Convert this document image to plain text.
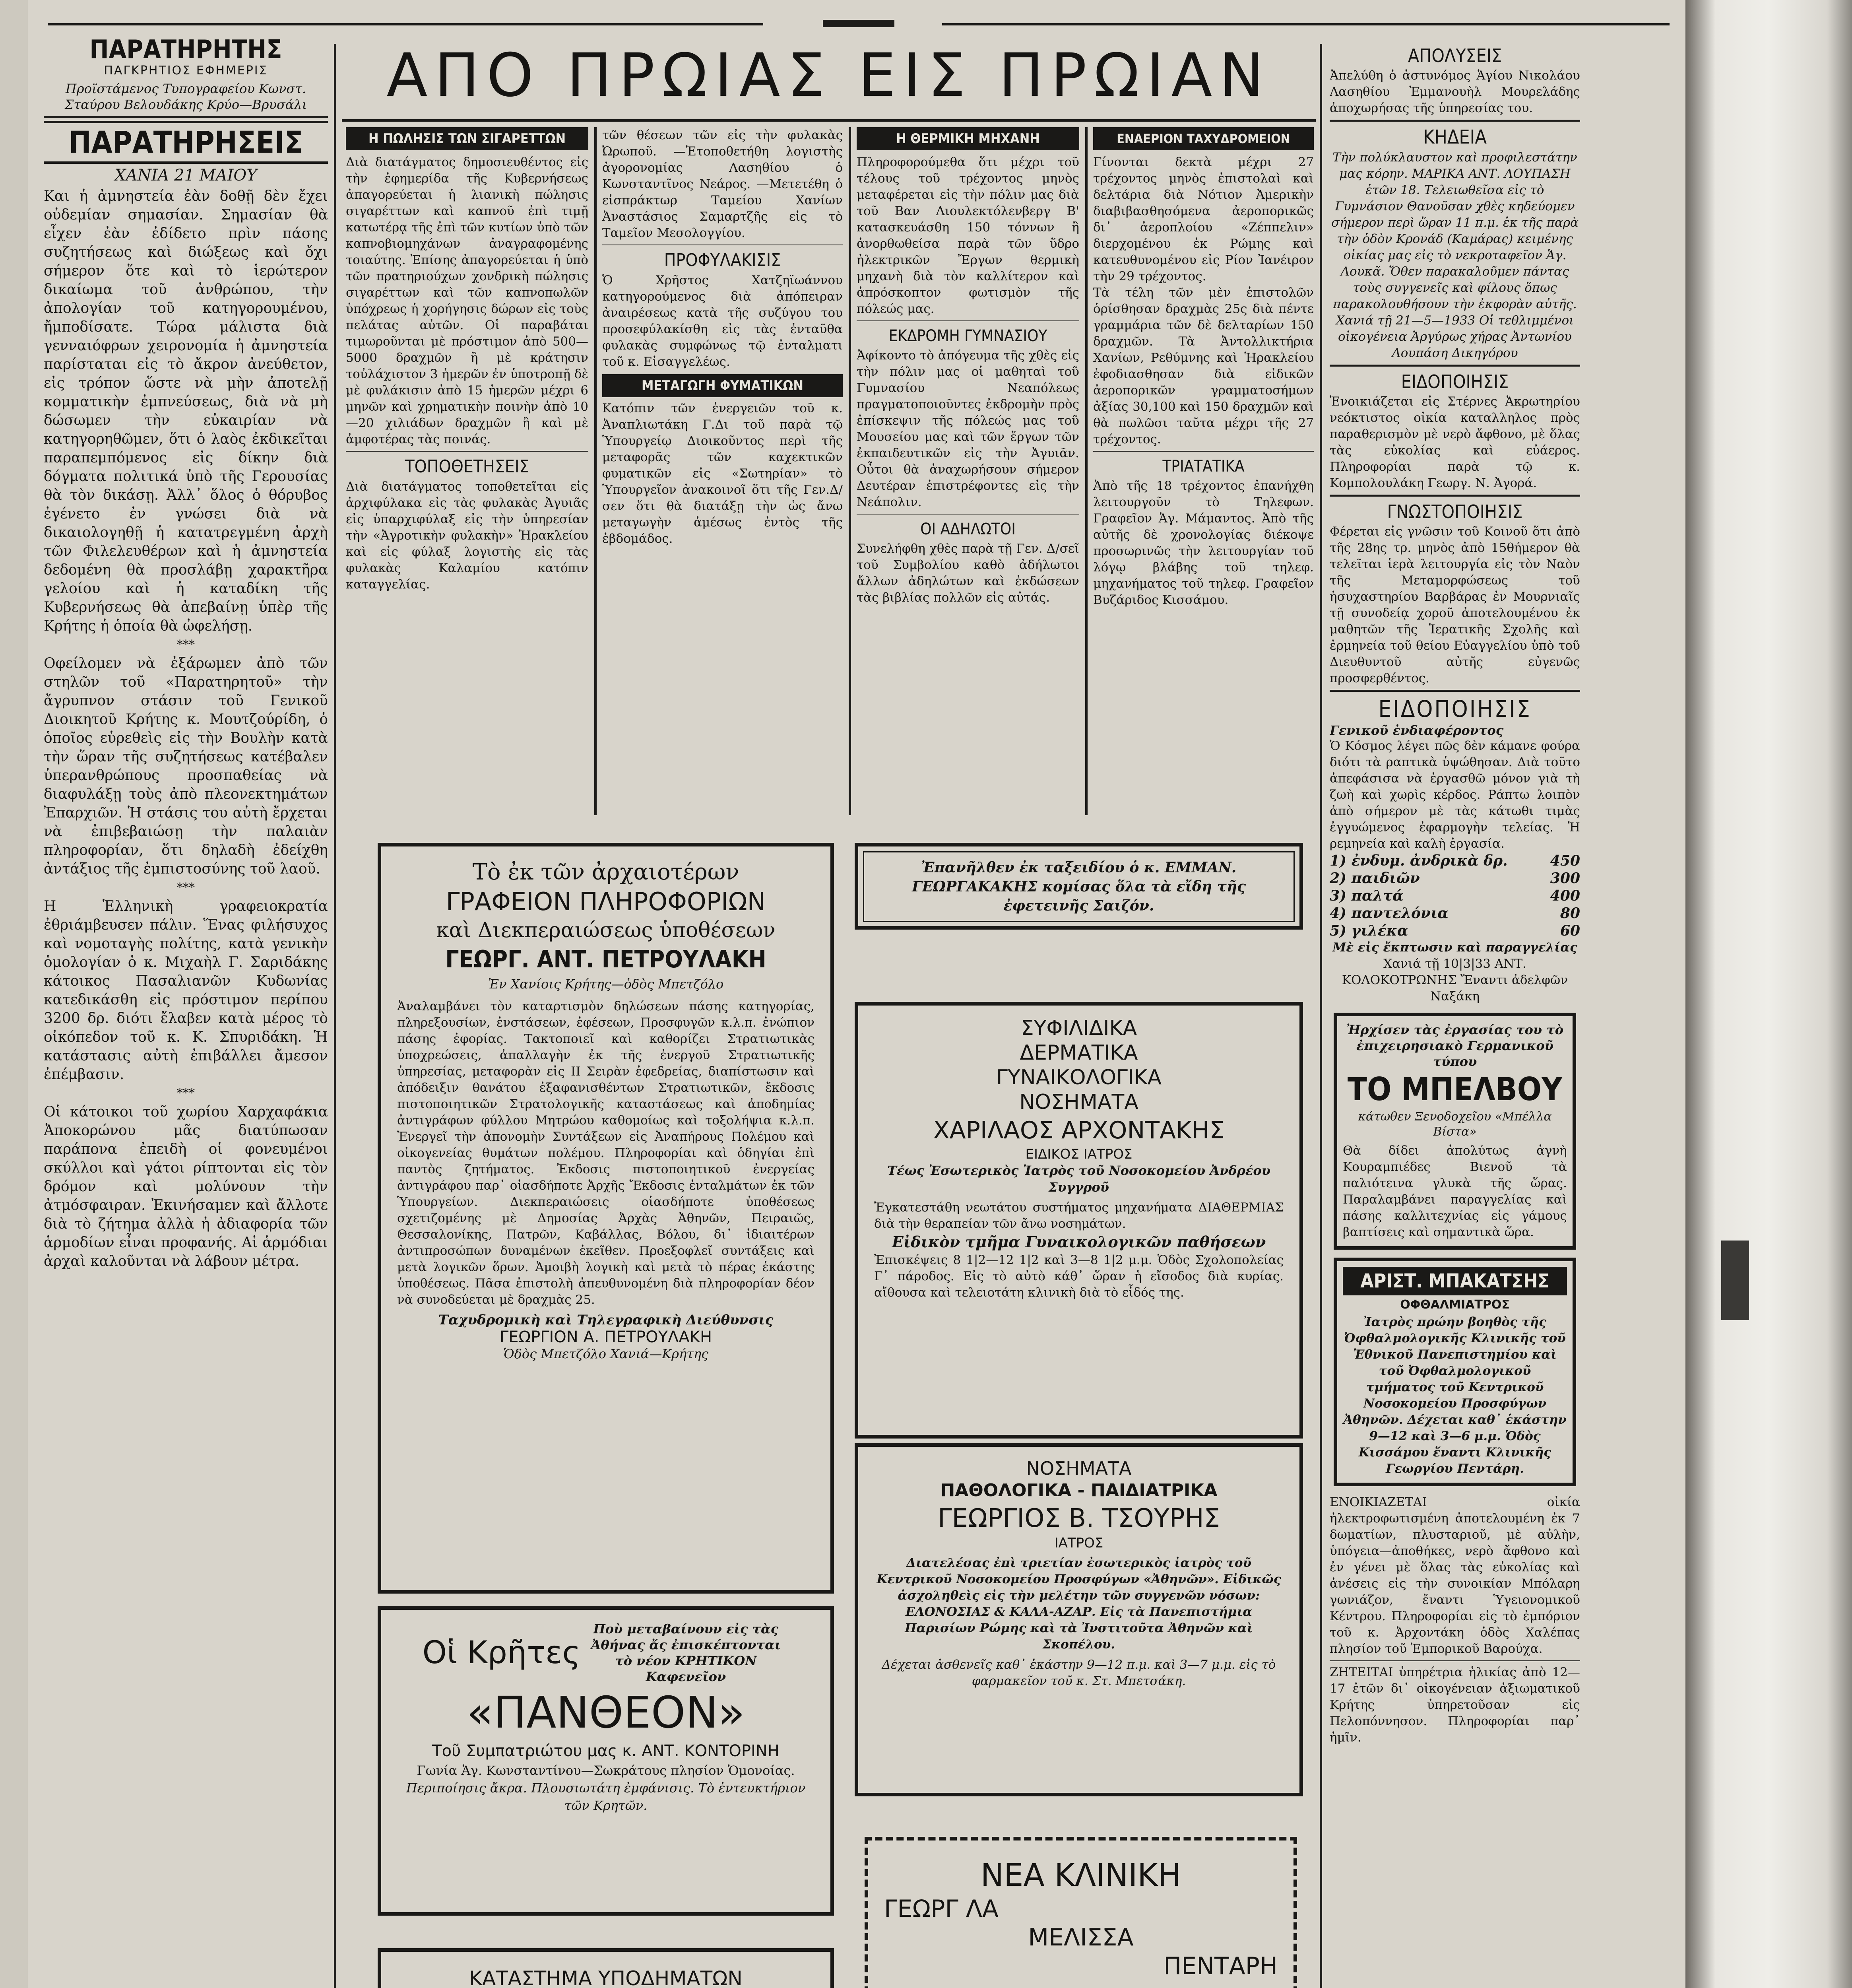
ΠΑΡΑΤΗΡΗΤΗΣ
ΠΑΓΚΡΗΤΙΟΣ ΕΦΗΜΕΡΙΣ
Προϊστάμενος Τυπογραφείου Κωνστ. Σταύρου Βελουδάκης Κρύο—Βρυσάλι
ΠΑΡΑΤΗΡΗΣΕΙΣ
ΧΑΝΙΑ 21 ΜΑΙΟΥ
Και ἡ ἀμνηστεία ἐὰν δοθῇ δὲν ἔχει οὐδεμίαν σημασίαν. Σημασίαν θὰ εἶχεν ἐὰν ἐδίδετο πρὶν πάσης συζητήσεως καὶ διώξεως καὶ ὄχι σήμερον ὅτε καὶ τὸ ἱερώτερον δικαίωμα τοῦ ἀνθρώπου, τὴν ἀπολογίαν τοῦ κατηγορουμένου, ἤμποδίσατε. Τώρα μάλιστα διὰ γενναιόφρων χειρονομία ἡ ἀμνηστεία παρίσταται εἰς τὸ ἄκρον ἀνεύθετον, εἰς τρόπον ὥστε νὰ μὴν ἀποτελῇ κομματικὴν ἐμπνεύσεως, διὰ νὰ μὴ δώσωμεν τὴν εὐκαιρίαν νὰ κατηγορηθῶμεν, ὅτι ὁ λαὸς ἐκδικεῖται παραπεμπόμενος εἰς δίκην διὰ δόγματα πολιτικά ὑπὸ τῆς Γερουσίας θὰ τὸν δικάσῃ. Ἀλλ᾽ ὅλος ὁ θόρυβος ἐγένετο ἐν γνώσει διὰ νὰ δικαιολογηθῇ ἡ κατατρεγμένη ἀρχὴ τῶν Φιλελευθέρων καὶ ἡ ἀμνηστεία δεδομένη θὰ προσλάβῃ χαρακτῆρα γελοίου καὶ ἡ καταδίκη τῆς Κυβερνήσεως θὰ ἀπεβαίνῃ ὑπὲρ τῆς Κρήτης ἡ ὁποία θὰ ὠφελήσῃ.
***
Οφείλομεν νὰ ἐξάρωμεν ἀπὸ τῶν στηλῶν τοῦ «Παρατηρητοῦ» τὴν ἄγρυπνον στάσιν τοῦ Γενικοῦ Διοικητοῦ Κρήτης κ. Μουτζούρίδη, ὁ ὁποῖος εὑρεθεὶς εἰς τὴν Βουλὴν κατὰ τὴν ὥραν τῆς συζητήσεως κατέβαλεν ὑπερανθρώπους προσπαθείας νὰ διαφυλάξῃ τοὺς ἀπὸ πλεονεκτημάτων Ἐπαρχιῶν. Ἡ στάσις του αὐτὴ ἔρχεται νὰ ἐπιβεβαιώσῃ τὴν παλαιὰν πληροφορίαν, ὅτι δηλαδὴ ἐδείχθη ἀντάξιος τῆς ἐμπιστοσύνης τοῦ λαοῦ.
***
Η Ἑλληνικὴ γραφειοκρατία ἐθριάμβευσεν πάλιν. Ἕνας φιλήσυχος καὶ νομοταγὴς πολίτης, κατὰ γενικὴν ὁμολογίαν ὁ κ. Μιχαὴλ Γ. Σαριδάκης κάτοικος Πασαλιανῶν Κυδωνίας κατεδικάσθη εἰς πρόστιμον περίπου 3200 δρ. διότι ἔλαβεν κατὰ μέρος τὸ οἰκόπεδον τοῦ κ. Κ. Σπυριδάκη. Ἡ κατάστασις αὐτὴ ἐπιβάλλει ἄμεσον ἐπέμβασιν.
***
Οἱ κάτοικοι τοῦ χωρίου Χαρχαφάκια Ἀποκορώνου μᾶς διατύπωσαν παράπονα ἐπειδὴ οἱ φονευμένοι σκύλλοι καὶ γάτοι ρίπτονται εἰς τὸν δρόμον καὶ μολύνουν τὴν ἀτμόσφαιραν. Ἐκινήσαμεν καὶ ἄλλοτε διὰ τὸ ζήτημα ἀλλὰ ἡ ἀδιαφορία τῶν ἁρμοδίων εἶναι προφανής. Αἱ ἁρμόδιαι ἀρχαὶ καλοῦνται νὰ λάβουν μέτρα.
ΑΠΟ ΠΡΩΙΑΣ ΕΙΣ ΠΡΩΙΑΝ
Η ΠΩΛΗΣΙΣ ΤΩΝ ΣΙΓΑΡΕΤΤΩΝ
Διὰ διατάγματος δημοσιευθέντος εἰς τὴν ἐφημερίδα τῆς Κυβερνήσεως ἀπαγορεύεται ἡ λιανικὴ πώλησις σιγαρέττων καὶ καπνοῦ ἐπὶ τιμῇ κατωτέρᾳ τῆς ἐπὶ τῶν κυτίων ὑπὸ τῶν καπνοβιομηχάνων ἀναγραφομένης τοιαύτης. Ἐπίσης ἀπαγορεύεται ἡ ὑπὸ τῶν πρατηριούχων χονδρικὴ πώλησις σιγαρέττων καὶ τῶν καπνοπωλῶν ὑπόχρεως ἡ χορήγησις δώρων εἰς τοὺς πελάτας αὐτῶν. Οἱ παραβάται τιμωροῦνται μὲ πρόστιμον ἀπὸ 500—5000 δραχμῶν ἢ μὲ κράτησιν τοὐλάχιστον 3 ἡμερῶν ἐν ὑποτροπῇ δὲ μὲ φυλάκισιν ἀπὸ 15 ἡμερῶν μέχρι 6 μηνῶν καὶ χρηματικὴν ποινὴν ἀπὸ 10—20 χιλιάδων δραχμῶν ἢ καὶ μὲ ἀμφοτέρας τὰς ποινάς.
ΤΟΠΟΘΕΤΗΣΕΙΣ
Διὰ διατάγματος τοποθετεῖται εἰς ἀρχιφύλακα εἰς τὰς φυλακὰς Ἀγυιᾶς εἰς ὑπαρχιφύλαξ εἰς τὴν ὑπηρεσίαν τὴν «Ἀγροτικὴν φυλακὴν» Ἡρακλείου καὶ εἰς φύλαξ λογιστὴς εἰς τὰς φυλακὰς Καλαμίου κατόπιν καταγγελίας.
τῶν θέσεων τῶν εἰς τὴν φυλακὰς Ὠρωποῦ. —Ἐτοποθετήθη λογιστὴς ἀγορονομίας Λασηθίου ὁ Κωνσταντῖνος Νεάρος. —Μετετέθη ὁ εἰσπράκτωρ Ταμείου Χανίων Ἀναστάσιος Σαμαρτζῆς εἰς τὸ Ταμεῖον Μεσολογγίου.
ΠΡΟΦΥΛΑΚΙΣΙΣ
Ὁ Χρῆστος Χατζηϊωάννου κατηγορούμενος διὰ ἀπόπειραν ἀναιρέσεως κατὰ τῆς συζύγου του προσεφύλακίσθη εἰς τὰς ἐνταῦθα φυλακὰς συμφώνως τῷ ἐνταλματι τοῦ κ. Εἰσαγγελέως.
ΜΕΤΑΓΩΓΗ ΦΥΜΑΤΙΚΩΝ
Κατόπιν τῶν ἐνεργειῶν τοῦ κ. Ἀναπλιωτάκη Γ.Δι τοῦ παρὰ τῷ Ὑπουργείῳ Διοικοῦντος περὶ τῆς μεταφορᾶς τῶν καχεκτικῶν φυματικῶν εἰς «Σωτηρίαν» τὸ Ὑπουργεῖον ἀνακοινοῖ ὅτι τῆς Γεν.Δ/σεν ὅτι θὰ διατάξῃ τὴν ὡς ἄνω μεταγωγὴν ἀμέσως ἐντὸς τῆς ἑβδομάδος.
Η ΘΕΡΜΙΚΗ ΜΗΧΑΝΗ
Πληροφορούμεθα ὅτι μέχρι τοῦ τέλους τοῦ τρέχοντος μηνὸς μεταφέρεται εἰς τὴν πόλιν μας διὰ τοῦ Βαν Λιουλεκτόλενβεργ Β' κατασκευάσθη 150 τόννων ἢ ἀνορθωθείσα παρὰ τῶν ὕδρο ἠλεκτρικῶν Ἔργων θερμικὴ μηχανὴ διὰ τὸν καλλίτερον καὶ ἀπρόσκοπτον φωτισμὸν τῆς πόλεώς μας.
ΕΚΔΡΟΜΗ ΓΥΜΝΑΣΙΟΥ
Ἀφίκοντο τὸ ἀπόγευμα τῆς χθὲς εἰς τὴν πόλιν μας οἱ μαθηταὶ τοῦ Γυμνασίου Νεαπόλεως πραγματοποιοῦντες ἐκδρομὴν πρὸς ἐπίσκεψιν τῆς πόλεώς μας τοῦ Μουσείου μας καὶ τῶν ἔργων τῶν ἐκπαιδευτικῶν εἰς τὴν Ἀγυιᾶν. Οὗτοι θὰ ἀναχωρήσουν σήμερον Δευτέραν ἐπιστρέφοντες εἰς τὴν Νεάπολιν.
ΟΙ ΑΔΗΛΩΤΟΙ
Συνελήφθη χθὲς παρὰ τῇ Γεν. Δ/σεῖ τοῦ Συμβολίου καθὸ ἀδήλωτοι ἄλλων ἀδηλώτων καὶ ἐκδώσεων τὰς βιβλίας πολλῶν εἰς αὐτάς.
ΕΝΑΕΡΙΟΝ ΤΑΧΥΔΡΟΜΕΙΟΝ
Γίνονται δεκτὰ μέχρι 27 τρέχοντος μηνὸς ἐπιστολαὶ καὶ δελτάρια διὰ Νότιον Ἀμερικὴν διαβιβασθησόμενα ἀεροπορικῶς δι᾽ ἀεροπλοίου «Ζέππελιν» διερχομένου ἐκ Ρώμης καὶ κατευθυνομένου εἰς Ρίον Ἰανέιρον τὴν 29 τρέχοντος.
Τὰ τέλη τῶν μὲν ἐπιστολῶν ὁρίσθησαν δραχμὰς 25ς διὰ πέντε γραμμάρια τῶν δὲ δελταρίων 150 δραχμῶν. Τὰ Ἀντολλικτήρια Χανίων, Ρεθύμνης καὶ Ἡρακλείου ἐφοδιασθησαν διὰ εἰδικῶν ἀεροπορικῶν γραμματοσήμων ἀξίας 30,100 καὶ 150 δραχμῶν καὶ θὰ πωλῶσι ταῦτα μέχρι τῆς 27 τρέχοντος.
ΤΡΙΑΤΑΤΙΚΑ
Ἀπὸ τῆς 18 τρέχοντος ἐπανήχθη λειτουργοῦν τὸ Τηλεφων. Γραφεῖον Ἁγ. Μάμαντος. Ἀπὸ τῆς αὐτῆς δὲ χρονολογίας διέκοψε προσωρινῶς τὴν λειτουργίαν τοῦ λόγῳ βλάβης τοῦ τηλεφ. μηχανήματος τοῦ τηλεφ. Γραφεῖον Βυζάριδος Κισσάμου.
ΑΠΟΛΥΣΕΙΣ
Ἀπελύθη ὁ ἀστυνόμος Ἁγίου Νικολάου Λασηθίου Ἐμμανουὴλ Μουρελάδης ἀποχωρήσας τῆς ὑπηρεσίας του.
ΚΗΔΕΙΑ
Τὴν πολύκλαυστον καὶ προφιλεστάτην μας κόρην. ΜΑΡΙΚΑ ΑΝΤ. ΛΟΥΠΑΣΗ ἐτῶν 18. Τελειωθεῖσα εἰς τὸ Γυμνάσιον Θανοῦσαν χθὲς κηδεύομεν σήμερον περὶ ὥραν 11 π.μ. ἐκ τῆς παρὰ τὴν ὁδὸν Κρονάδ (Καμάρας) κειμένης οἰκίας μας εἰς τὸ νεκροταφεῖον Ἁγ. Λουκᾶ. Ὅθεν παρακαλοῦμεν πάντας τοὺς συγγενεῖς καὶ φίλους ὅπως παρακολουθήσουν τὴν ἐκφορὰν αὐτῆς.
Χανιά τῇ 21—5—1933 Οἱ τεθλιμμένοι οἰκογένεια Ἀργύρως χήρας Ἀντωνίου Λουπάση Δικηγόρου
ΕΙΔΟΠΟΙΗΣΙΣ
Ἐνοικιάζεται εἰς Στέρνες Ἀκρωτηρίου νεόκτιστος οἰκία καταλληλος πρὸς παραθερισμὸν μὲ νερὸ ἄφθονο, μὲ ὅλας τὰς εὐκολίας καὶ εὐάερος. Πληροφορίαι παρὰ τῷ κ. Κομπολουλάκη Γεωργ. Ν. Ἀγορά.
ΓΝΩΣΤΟΠΟΙΗΣΙΣ
Φέρεται εἰς γνῶσιν τοῦ Κοινοῦ ὅτι ἀπὸ τῆς 28ης τρ. μηνὸς ἀπὸ 15θήμερον θὰ τελεῖται ἱερὰ λειτουργία εἰς τὸν Ναὸν τῆς Μεταμορφώσεως τοῦ ἡσυχαστηρίου Βαρβάρας ἐν Μουρνιαῖς τῇ συνοδείᾳ χοροῦ ἀποτελουμένου ἐκ μαθητῶν τῆς Ἱερατικῆς Σχολῆς καὶ ἐρμηνεία τοῦ θείου Εὐαγγελίου ὑπὸ τοῦ Διευθυντοῦ αὐτῆς εὐγενῶς προσφερθέντος.
ΕΙΔΟΠΟΙΗΣΙΣ
Γενικοῦ ἐνδιαφέροντος
Ὁ Κόσμος λέγει πῶς δὲν κάμανε φούρα διότι τὰ ραπτικὰ ὑψώθησαν. Διὰ τοῦτο ἀπεφάσισα νὰ ἐργασθῶ μόνον γιὰ τὴ ζωὴ καὶ χωρὶς κέρδος. Ράπτω λοιπὸν ἀπὸ σήμερον μὲ τὰς κάτωθι τιμὰς ἐγγυώμενος ἐφαρμογὴν τελείας. Ἡ ρεμηνεία καὶ καλὴ ἐργασία.
1) ἐνδυμ. ἀνδρικὰ δρ.	450
2) παιδιῶν	300
3) παλτά	400
4) παντελόνια	80
5) γιλέκα	60
Μὲ εἰς ἔκπτωσιν καὶ παραγγελίας
Χανιά τῇ 10|3|33 ΑΝΤ. ΚΟΛΟΚΟΤΡΩΝΗΣ Ἔναντι ἀδελφῶν Ναξάκη
Ἠρχίσεν τὰς ἐργασίας του τὸ ἐπιχειρησιακὸ Γερμανικοῦ τύπου
ΤΟ ΜΠΕΛΒΟΥ
κάτωθεν Ξενοδοχεῖου «Μπέλλα Βίστα»
Θὰ δίδει ἀπολύτως ἁγνὴ Κουραμπιέδες Βιενοῦ τὰ παλιότεινα γλυκὰ τῆς ὥρας. Παραλαμβάνει παραγγελίας καὶ πάσης καλλιτεχνίας εἰς γάμους βαπτίσεις καὶ σημαντικὰ ὥρα.
ΑΡΙΣΤ. ΜΠΑΚΑΤΣΗΣ
ΟΦΘΑΛΜΙΑΤΡΟΣ
Ἰατρὸς πρώην βοηθὸς τῆς Ὀφθαλμολογικῆς Κλινικῆς τοῦ Ἐθνικοῦ Πανεπιστημίου καὶ τοῦ Ὀφθαλμολογικοῦ τμήματος τοῦ Κεντρικοῦ Νοσοκομείου Προσφύγων Ἀθηνῶν. Δέχεται καθ᾽ ἑκάστην 9—12 καὶ 3—6 μ.μ. Ὁδὸς Κισσάμου ἔναντι Κλινικῆς Γεωργίου Πεντάρη.
ΕΝΟΙΚΙΑΖΕΤΑΙ οἰκία ἠλεκτροφωτισμένη ἀποτελουμένη ἐκ 7 δωματίων, πλυσταριοῦ, μὲ αὐλὴν, ὑπόγεια—ἀποθήκες, νερὸ ἄφθονο καὶ ἐν γένει μὲ ὅλας τὰς εὐκολίας καὶ ἀνέσεις εἰς τὴν συνοικίαν Μπόλαρη γωνιάζον, ἔναντι Ὑγειονομικοῦ Κέντρου. Πληροφορίαι εἰς τὸ ἐμπόριον τοῦ κ. Ἀρχοντάκη ὁδὸς Χαλέπας πλησίον τοῦ Ἐμπορικοῦ Βαρούχα.
ΖΗΤΕΙΤΑΙ ὑπηρέτρια ἡλικίας ἀπὸ 12—17 ἐτῶν δι᾽ οἰκογένειαν ἀξιωματικοῦ Κρήτης ὑπηρετοῦσαν εἰς Πελοπόννησον. Πληροφορίαι παρ᾽ ἡμῖν.
Τὸ ἐκ τῶν ἀρχαιοτέρων
ΓΡΑΦΕΙΟΝ ΠΛΗΡΟΦΟΡΙΩΝ
καὶ Διεκπεραιώσεως ὑποθέσεων
ΓΕΩΡΓ. ΑΝΤ. ΠΕΤΡΟΥΛΑΚΗ
Ἐν Χανίοις Κρήτης—ὁδὸς Μπετζόλο
Ἀναλαμβάνει τὸν καταρτισμὸν δηλώσεων πάσης κατηγορίας, πληρεξουσίων, ἐνστάσεων, ἐφέσεων, Προσφυγῶν κ.λ.π. ἐνώπιον πάσης ἐφορίας. Τακτοποιεῖ καὶ καθορίζει Στρατιωτικὰς ὑποχρεώσεις, ἀπαλλαγὴν ἐκ τῆς ἐνεργοῦ Στρατιωτικῆς ὑπηρεσίας, μεταφορὰν εἰς ΙΙ Σειρὰν ἐφεδρείας, διαπίστωσιν καὶ ἀπόδειξιν θανάτου ἐξαφανισθέντων Στρατιωτικῶν, ἔκδοσις πιστοποιητικῶν Στρατολογικῆς καταστάσεως καὶ ἀποδημίας ἀντιγράφων φύλλου Μητρώου καθομοίως καὶ τοξολήψια κ.λ.π. Ἐνεργεῖ τὴν ἀπονομὴν Συντάξεων εἰς Ἀναπήρους Πολέμου καὶ οἰκογενείας θυμάτων πολέμου. Πληροφορίαι καὶ ὁδηγίαι ἐπὶ παντὸς ζητήματος. Ἐκδοσις πιστοποιητικοῦ ἐνεργείας ἀντιγράφου παρ᾽ οἱασδήποτε Ἀρχῆς Ἔκδοσις ἐνταλμάτων ἐκ τῶν Ὑπουργείων. Διεκπεραιώσεις οἱασδήποτε ὑποθέσεως σχετιζομένης μὲ Δημοσίας Ἀρχὰς Ἀθηνῶν, Πειραιῶς, Θεσσαλονίκης, Πατρῶν, Καβάλλας, Βόλου, δι᾽ ἰδιαιτέρων ἀντιπροσώπων δυναμένων ἐκεῖθεν. Προεξοφλεῖ συντάξεις καὶ μετὰ λογικῶν ὅρων. Ἀμοιβὴ λογικὴ καὶ μετὰ τὸ πέρας ἑκάστης ὑποθέσεως. Πᾶσα ἐπιστολὴ ἀπευθυνομένη διὰ πληροφορίαν δέον νὰ συνοδεύεται μὲ δραχμὰς 25.
Ταχυδρομικὴ καὶ Τηλεγραφικὴ Διεύθυνσις
ΓΕΩΡΓΙΟΝ Α. ΠΕΤΡΟΥΛΑΚΗ
Ὁδὸς Μπετζόλο Χανιά—Κρήτης
Ἐπανῆλθεν ἐκ ταξειδίου ὁ κ. ΕΜΜΑΝ. ΓΕΩΡΓΑΚΑΚΗΣ κομίσας ὅλα τὰ εἴδη τῆς ἐφετεινῆς Σαιζόν.
ΣΥΦΙΛΙΔΙΚΑ
ΔΕΡΜΑΤΙΚΑ
ΓΥΝΑΙΚΟΛΟΓΙΚΑ
ΝΟΣΗΜΑΤΑ
ΧΑΡΙΛΑΟΣ ΑΡΧΟΝΤΑΚΗΣ
ΕΙΔΙΚΟΣ ΙΑΤΡΟΣ
Τέως Ἐσωτερικὸς Ἰατρὸς τοῦ Νοσοκομείου Ἀνδρέου Συγγροῦ
Ἐγκατεστάθη νεωτάτου συστήματος μηχανήματα ΔΙΑΘΕΡΜΙΑΣ διὰ τὴν θεραπείαν τῶν ἄνω νοσημάτων.
Εἰδικὸν τμῆμα Γυναικολογικῶν παθήσεων
Ἐπισκέψεις 8 1|2—12 1|2 καὶ 3—8 1|2 μ.μ. Ὁδὸς Σχολοπολείας Γ᾽ πάροδος. Εἰς τὸ αὐτὸ κάθ᾽ ὥραν ἡ εἴσοδος διὰ κυρίας. αἴθουσα καὶ τελειοτάτη κλινικὴ διὰ τὸ εἶδός της.
ΝΟΣΗΜΑΤΑ
ΠΑΘΟΛΟΓΙΚΑ - ΠΑΙΔΙΑΤΡΙΚΑ
ΓΕΩΡΓΙΟΣ Β. ΤΣΟΥΡΗΣ
ΙΑΤΡΟΣ
Διατελέσας ἐπὶ τριετίαν ἐσωτερικὸς ἰατρὸς τοῦ Κεντρικοῦ Νοσοκομείου Προσφύγων «Ἀθηνῶν». Εἰδικῶς ἀσχοληθεὶς εἰς τὴν μελέτην τῶν συγγενῶν νόσων: ΕΛΟΝΟΣΙΑΣ & ΚΑΛΑ-ΑΖΑΡ. Εἰς τὰ Πανεπιστήμια Παρισίων Ρώμης καὶ τὰ Ἰνστιτοῦτα Ἀθηνῶν καὶ Σκοπέλου.
Δέχεται ἀσθενεῖς καθ᾽ ἑκάστην 9—12 π.μ. καὶ 3—7 μ.μ. εἰς τὸ φαρμακεῖον τοῦ κ. Στ. Μπετσάκη.
Οἱ Κρῆτες Ποὺ μεταβαίνουν εἰς τὰς Ἀθήνας ἄς ἐπισκέπτονται τὸ νέον ΚΡΗΤΙΚΟΝ Καφενεῖον
«ΠΑΝΘΕΟΝ»
Τοῦ Συμπατριώτου μας κ. ΑΝΤ. ΚΟΝΤΟΡΙΝΗ
Γωνία Ἁγ. Κωνσταντίνου—Σωκράτους πλησίον Ὁμονοίας.
Περιποίησις ἄκρα. Πλουσιωτάτη ἐμφάνισις. Τὸ ἐντευκτήριον τῶν Κρητῶν.
ΝΕΑ ΚΛΙΝΙΚΗ
ΓΕΩΡΓ ΛΑ
ΜΕΛΙΣΣΑ
ΠΕΝΤΑΡΗ
ΚΑΤΑΣΤΗΜΑ ΥΠΟΔΗΜΑΤΩΝ
